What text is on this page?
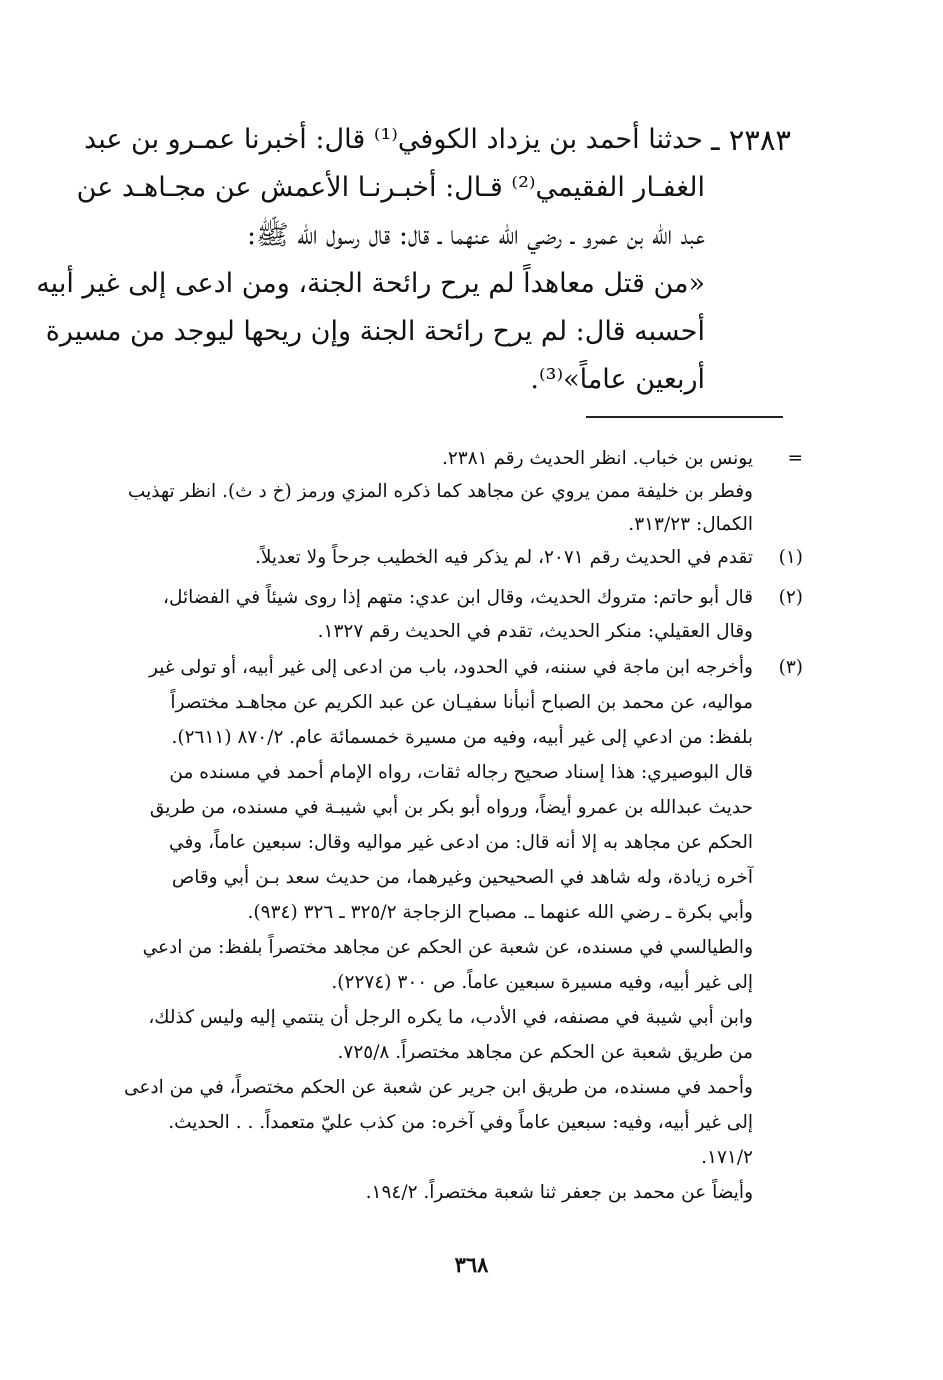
٢٣٨٣ ـ
حدثنا أحمد بن يزداد الكوفي⁽¹⁾ قال: أخبرنا عمـرو بن عبد
الغفـار الفقيمي⁽²⁾ قـال: أخبـرنـا الأعمش عن مجـاهـد عن
عبد الله بن عمرو ـ رضي الله عنهما ـ قال: قال رسول الله ﷺ:
«من قتل معاهداً لم يرح رائحة الجنة، ومن ادعى إلى غير أبيه
أحسبه قال: لم يرح رائحة الجنة وإن ريحها ليوجد من مسيرة
أربعين عاماً»⁽³⁾.
=
يونس بن خباب. انظر الحديث رقم ٢٣٨١.
وفطر بن خليفة ممن يروي عن مجاهد كما ذكره المزي ورمز (خ د ث). انظر تهذيب
الكمال: ٣١٣/٢٣.
(١)
تقدم في الحديث رقم ٢٠٧١، لم يذكر فيه الخطيب جرحاً ولا تعديلاً.
(٢)
قال أبو حاتم: متروك الحديث، وقال ابن عدي: متهم إذا روى شيئاً في الفضائل،
وقال العقيلي: منكر الحديث، تقدم في الحديث رقم ١٣٢٧.
(٣)
وأخرجه ابن ماجة في سننه، في الحدود، باب من ادعى إلى غير أبيه، أو تولى غير
مواليه، عن محمد بن الصباح أنبأنا سفيـان عن عبد الكريم عن مجاهـد مختصراً
بلفظ: من ادعي إلى غير أبيه، وفيه من مسيرة خمسمائة عام. ٨٧٠/٢ (٢٦١١).
قال البوصيري: هذا إسناد صحيح رجاله ثقات، رواه الإمام أحمد في مسنده من
حديث عبدالله بن عمرو أيضاً، ورواه أبو بكر بن أبي شيبـة في مسنده، من طريق
الحكم عن مجاهد به إلا أنه قال: من ادعى غير مواليه وقال: سبعين عاماً، وفي
آخره زيادة، وله شاهد في الصحيحين وغيرهما، من حديث سعد بـن أبي وقاص
وأبي بكرة ـ رضي الله عنهما ـ. مصباح الزجاجة ٣٢٥/٢ ـ ٣٢٦ (٩٣٤).
والطيالسي في مسنده، عن شعبة عن الحكم عن مجاهد مختصراً بلفظ: من ادعي
إلى غير أبيه، وفيه مسيرة سبعين عاماً. ص ٣٠٠ (٢٢٧٤).
وابن أبي شيبة في مصنفه، في الأدب، ما يكره الرجل أن ينتمي إليه وليس كذلك،
من طريق شعبة عن الحكم عن مجاهد مختصراً. ٧٢٥/٨.
وأحمد في مسنده، من طريق ابن جرير عن شعبة عن الحكم مختصراً، في من ادعى
إلى غير أبيه، وفيه: سبعين عاماً وفي آخره: من كذب عليّ متعمداً. . . الحديث.
١٧١/٢.
وأيضاً عن محمد بن جعفر ثنا شعبة مختصراً. ١٩٤/٢.
٣٦٨
